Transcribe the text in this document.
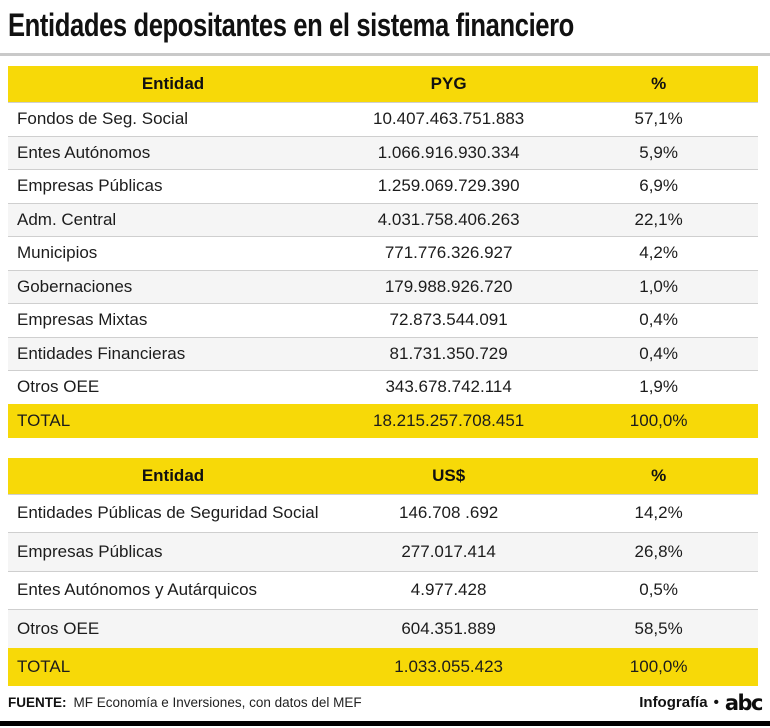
Entidades depositantes en el sistema financiero
Entidad	PYG	%
Fondos de Seg. Social	10.407.463.751.883	57,1%
Entes Autónomos	1.066.916.930.334	5,9%
Empresas Públicas	1.259.069.729.390	6,9%
Adm. Central	4.031.758.406.263	22,1%
Municipios	771.776.326.927	4,2%
Gobernaciones	179.988.926.720	1,0%
Empresas Mixtas	72.873.544.091	0,4%
Entidades Financieras	81.731.350.729	0,4%
Otros OEE	343.678.742.114	1,9%
TOTAL	18.215.257.708.451	100,0%
Entidad	US$	%
Entidades Públicas de Seguridad Social	146.708 .692	14,2%
Empresas Públicas	277.017.414	26,8%
Entes Autónomos y Autárquicos	4.977.428	0,5%
Otros OEE	604.351.889	58,5%
TOTAL	1.033.055.423	100,0%
FUENTE: MF Economía e Inversiones, con datos del MEF	Infografía • abc
